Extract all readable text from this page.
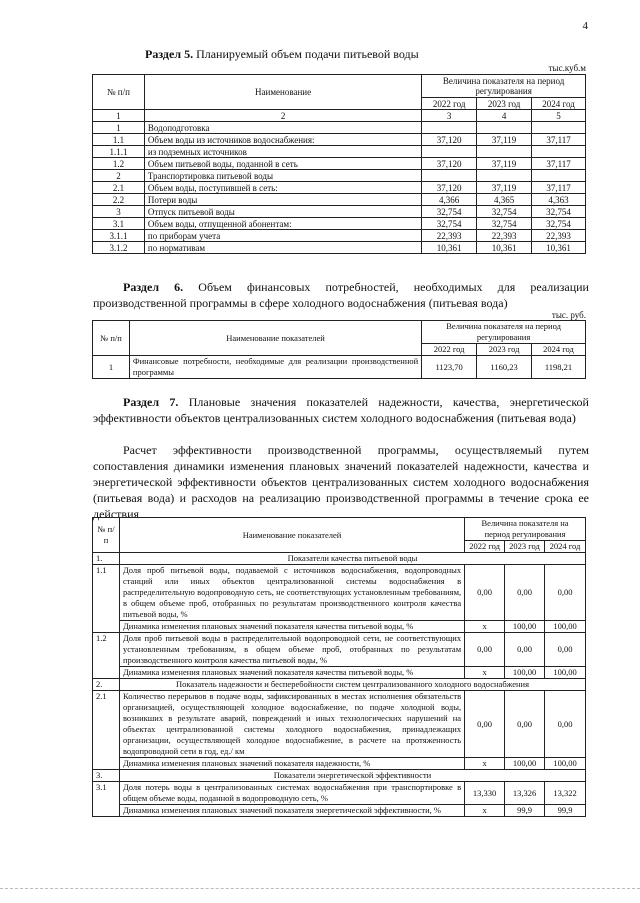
4
Раздел 5. Планируемый объем подачи питьевой воды
тыс.куб.м
№ п/п	Наименование	Величина показателя на период регулирования		
		2022 год	2023 год	2024 год
1	2	3	4	5
1	Водоподготовка			
1.1	Объем воды из источников водоснабжения:	37,120	37,119	37,117
1.1.1	из подземных источников			
1.2	Объем питьевой воды, поданной в сеть	37,120	37,119	37,117
2	Транспортировка питьевой воды			
2.1	Объем воды, поступившей в сеть:	37,120	37,119	37,117
2.2	Потери воды	4,366	4,365	4,363
3	Отпуск питьевой воды	32,754	32,754	32,754
3.1	Объем воды, отпущенной абонентам:	32,754	32,754	32,754
3.1.1	по приборам учета	22,393	22,393	22,393
3.1.2	по нормативам	10,361	10,361	10,361
Раздел 6. Объем финансовых потребностей, необходимых для реализации производственной программы в сфере холодного водоснабжения (питьевая вода)
тыс. руб.
№ п/п	Наименование показателей	Величина показателя на период регулирования		
		2022 год	2023 год	2024 год
1	Финансовые потребности, необходимые для реализации производственной программы	1123,70	1160,23	1198,21
Раздел 7. Плановые значения показателей надежности, качества, энергетической эффективности объектов централизованных систем холодного водоснабжения (питьевая вода)
Расчет эффективности производственной программы, осуществляемый путем сопоставления динамики изменения плановых значений показателей надежности, качества и энергетической эффективности объектов централизованных систем холодного водоснабжения (питьевая вода) и расходов на реализацию производственной программы в течение срока ее действия
№ п/п	Наименование показателей	Величина показателя на период регулирования		
		2022 год	2023 год	2024 год
1.	Показатели качества питьевой воды			
1.1	Доля проб питьевой воды, подаваемой с источников водоснабжения, водопроводных станций или иных объектов централизованной системы водоснабжения в распределительную водопроводную сеть, не соответствующих установленным требованиям, в общем объеме проб, отобранных по результатам производственного контроля качества питьевой воды, %	0,00	0,00	0,00
	Динамика изменения плановых значений показателя качества питьевой воды, %	x	100,00	100,00
1.2	Доля проб питьевой воды в распределительной водопроводной сети, не соответствующих установленным требованиям, в общем объеме проб, отобранных по результатам производственного контроля качества питьевой воды, %	0,00	0,00	0,00
	Динамика изменения плановых значений показателя качества питьевой воды, %	x	100,00	100,00
2.	Показатель надежности и бесперебойности систем централизованного холодного водоснабжения			
2.1	Количество перерывов в подаче воды, зафиксированных в местах исполнения обязательств организацией, осуществляющей холодное водоснабжение, по подаче холодной воды, возникших в результате аварий, повреждений и иных технологических нарушений на объектах централизованной системы холодного водоснабжения, принадлежащих организации, осуществляющей холодное водоснабжение, в расчете на протяженность водопроводной сети в год, ед./ км	0,00	0,00	0,00
	Динамика изменения плановых значений показателя надежности, %	x	100,00	100,00
3.	Показатели энергетической эффективности			
3.1	Доля потерь воды в централизованных системах водоснабжения при транспортировке в общем объеме воды, поданной в водопроводную сеть, %	13,330	13,326	13,322
	Динамика изменения плановых значений показателя энергетической эффективности, %	x	99,9	99,9
